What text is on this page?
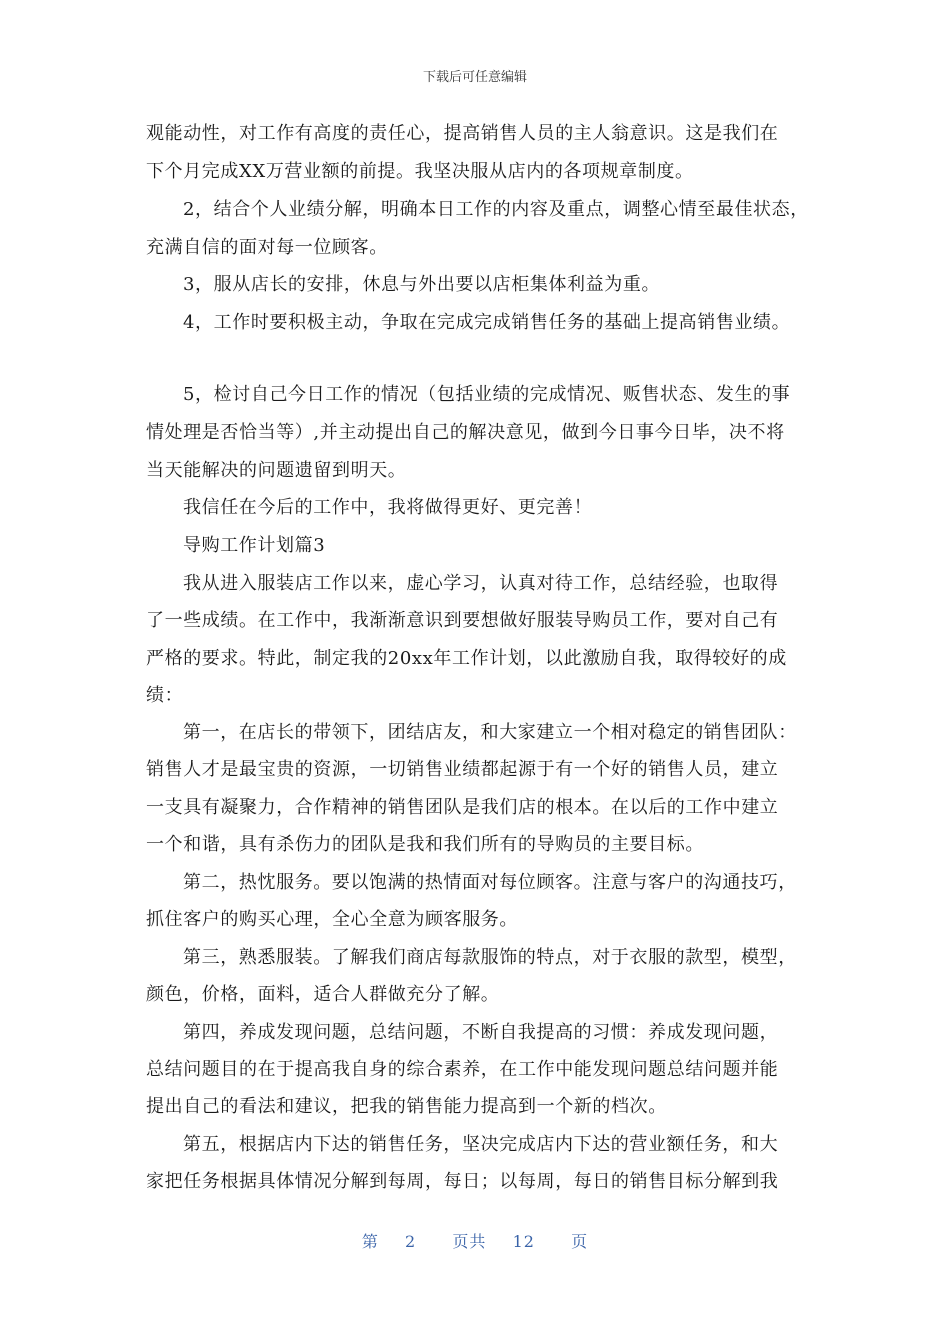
下载后可任意编辑
观能动性，对工作有高度的责任心，提高销售人员的主人翁意识。这是我们在
下个月完成XX万营业额的前提。我坚决服从店内的各项规章制度。
2，结合个人业绩分解，明确本日工作的内容及重点，调整心情至最佳状态，
充满自信的面对每一位顾客。
3，服从店长的安排，休息与外出要以店柜集体利益为重。
4，工作时要积极主动，争取在完成完成销售任务的基础上提高销售业绩。
5，检讨自己今日工作的情况（包括业绩的完成情况、贩售状态、发生的事
情处理是否恰当等）,并主动提出自己的解决意见，做到今日事今日毕，决不将
当天能解决的问题遗留到明天。
我信任在今后的工作中，我将做得更好、更完善！
导购工作计划篇3
我从进入服装店工作以来，虚心学习，认真对待工作，总结经验，也取得
了一些成绩。在工作中，我渐渐意识到要想做好服装导购员工作，要对自己有
严格的要求。特此，制定我的20xx年工作计划，以此激励自我，取得较好的成
绩：
第一，在店长的带领下，团结店友，和大家建立一个相对稳定的销售团队：
销售人才是最宝贵的资源，一切销售业绩都起源于有一个好的销售人员，建立
一支具有凝聚力，合作精神的销售团队是我们店的根本。在以后的工作中建立
一个和谐，具有杀伤力的团队是我和我们所有的导购员的主要目标。
第二，热忱服务。要以饱满的热情面对每位顾客。注意与客户的沟通技巧，
抓住客户的购买心理，全心全意为顾客服务。
第三，熟悉服装。了解我们商店每款服饰的特点，对于衣服的款型，模型，
颜色，价格，面料，适合人群做充分了解。
第四，养成发现问题，总结问题，不断自我提高的习惯：养成发现问题，
总结问题目的在于提高我自身的综合素养，在工作中能发现问题总结问题并能
提出自己的看法和建议，把我的销售能力提高到一个新的档次。
第五，根据店内下达的销售任务，坚决完成店内下达的营业额任务，和大
家把任务根据具体情况分解到每周，每日；以每周，每日的销售目标分解到我
第 2 页共 12 页
